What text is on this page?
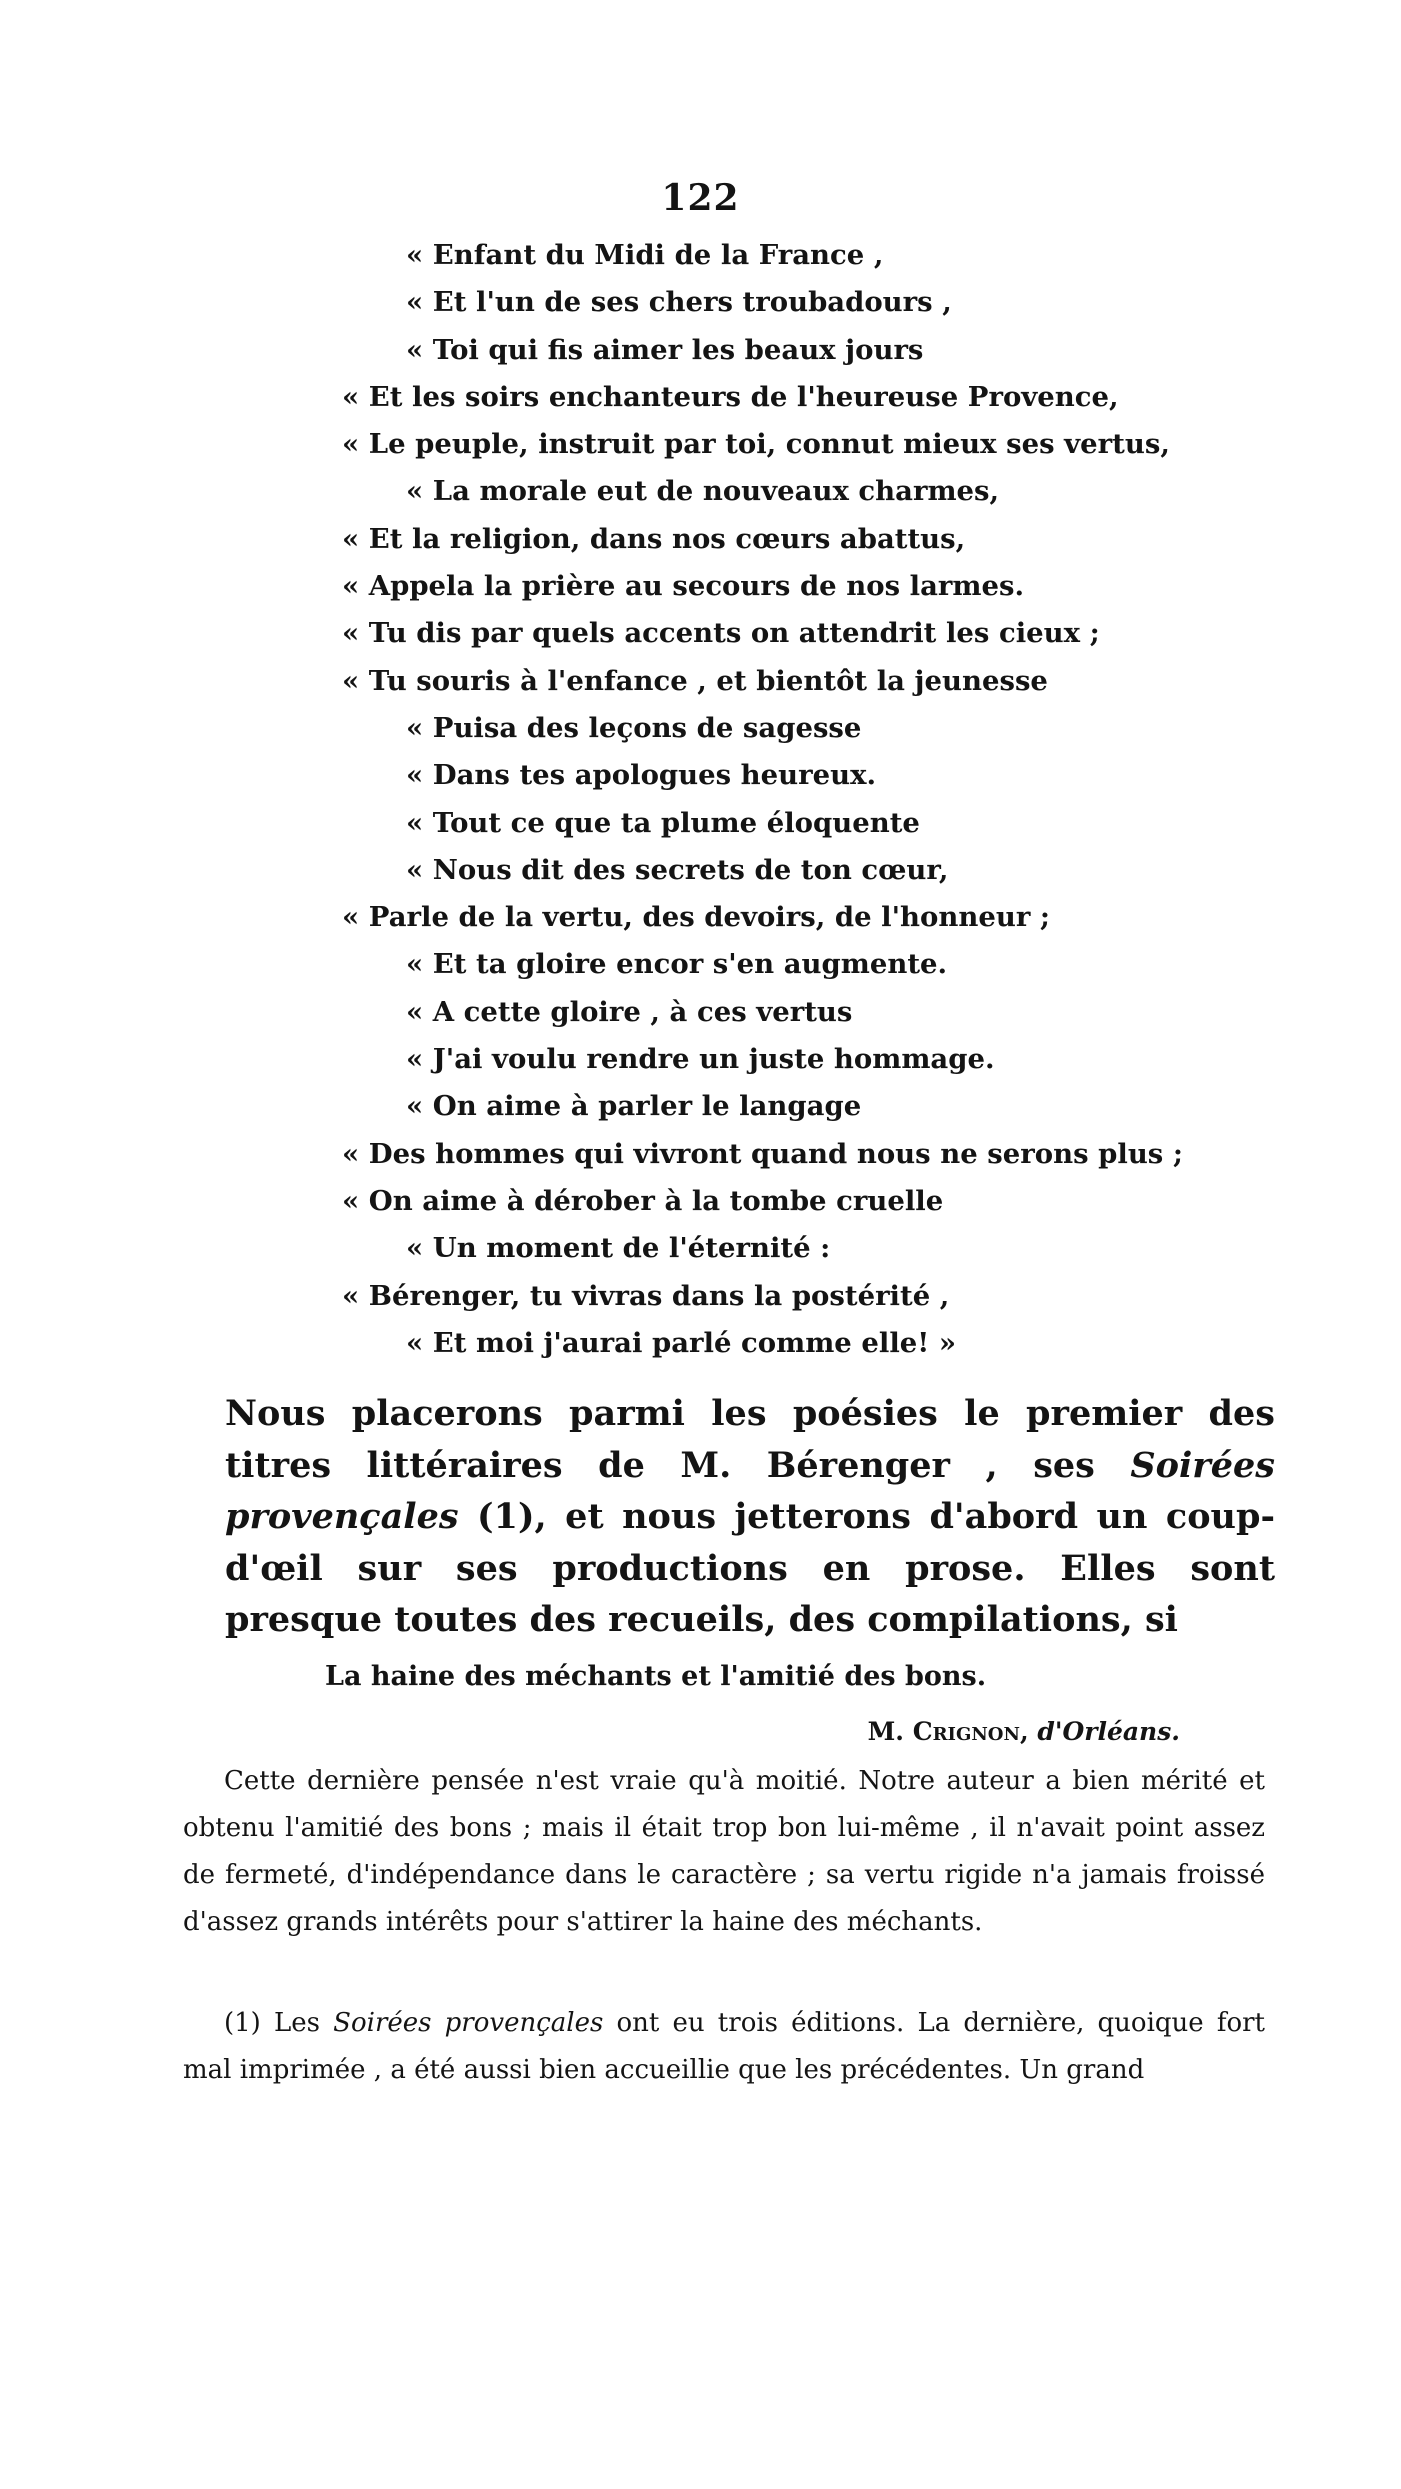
122
« Enfant du Midi de la France ,
« Et l'un de ses chers troubadours ,
« Toi qui fis aimer les beaux jours
« Et les soirs enchanteurs de l'heureuse Provence,
« Le peuple, instruit par toi, connut mieux ses vertus,
« La morale eut de nouveaux charmes,
« Et la religion, dans nos cœurs abattus,
« Appela la prière au secours de nos larmes.
« Tu dis par quels accents on attendrit les cieux ;
« Tu souris à l'enfance , et bientôt la jeunesse
« Puisa des leçons de sagesse
« Dans tes apologues heureux.
« Tout ce que ta plume éloquente
« Nous dit des secrets de ton cœur,
« Parle de la vertu, des devoirs, de l'honneur ;
« Et ta gloire encor s'en augmente.
« A cette gloire , à ces vertus
« J'ai voulu rendre un juste hommage.
« On aime à parler le langage
« Des hommes qui vivront quand nous ne serons plus ;
« On aime à dérober à la tombe cruelle
« Un moment de l'éternité :
« Bérenger, tu vivras dans la postérité ,
« Et moi j'aurai parlé comme elle! »

Nous placerons parmi les poésies le premier des titres littéraires de M. Bérenger , ses Soirées provençales (1), et nous jetterons d'abord un coup-d'œil sur ses productions en prose. Elles sont presque toutes des recueils, des compilations, si

La haine des méchants et l'amitié des bons.

M. Crignon, d'Orléans.

Cette dernière pensée n'est vraie qu'à moitié. Notre auteur a bien mérité et obtenu l'amitié des bons ; mais il était trop bon lui-même , il n'avait point assez de fermeté, d'indépendance dans le caractère ; sa vertu rigide n'a jamais froissé d'assez grands intérêts pour s'attirer la haine des méchants.

(1) Les Soirées provençales ont eu trois éditions. La dernière, quoique fort mal imprimée , a été aussi bien accueillie que les précédentes. Un grand
